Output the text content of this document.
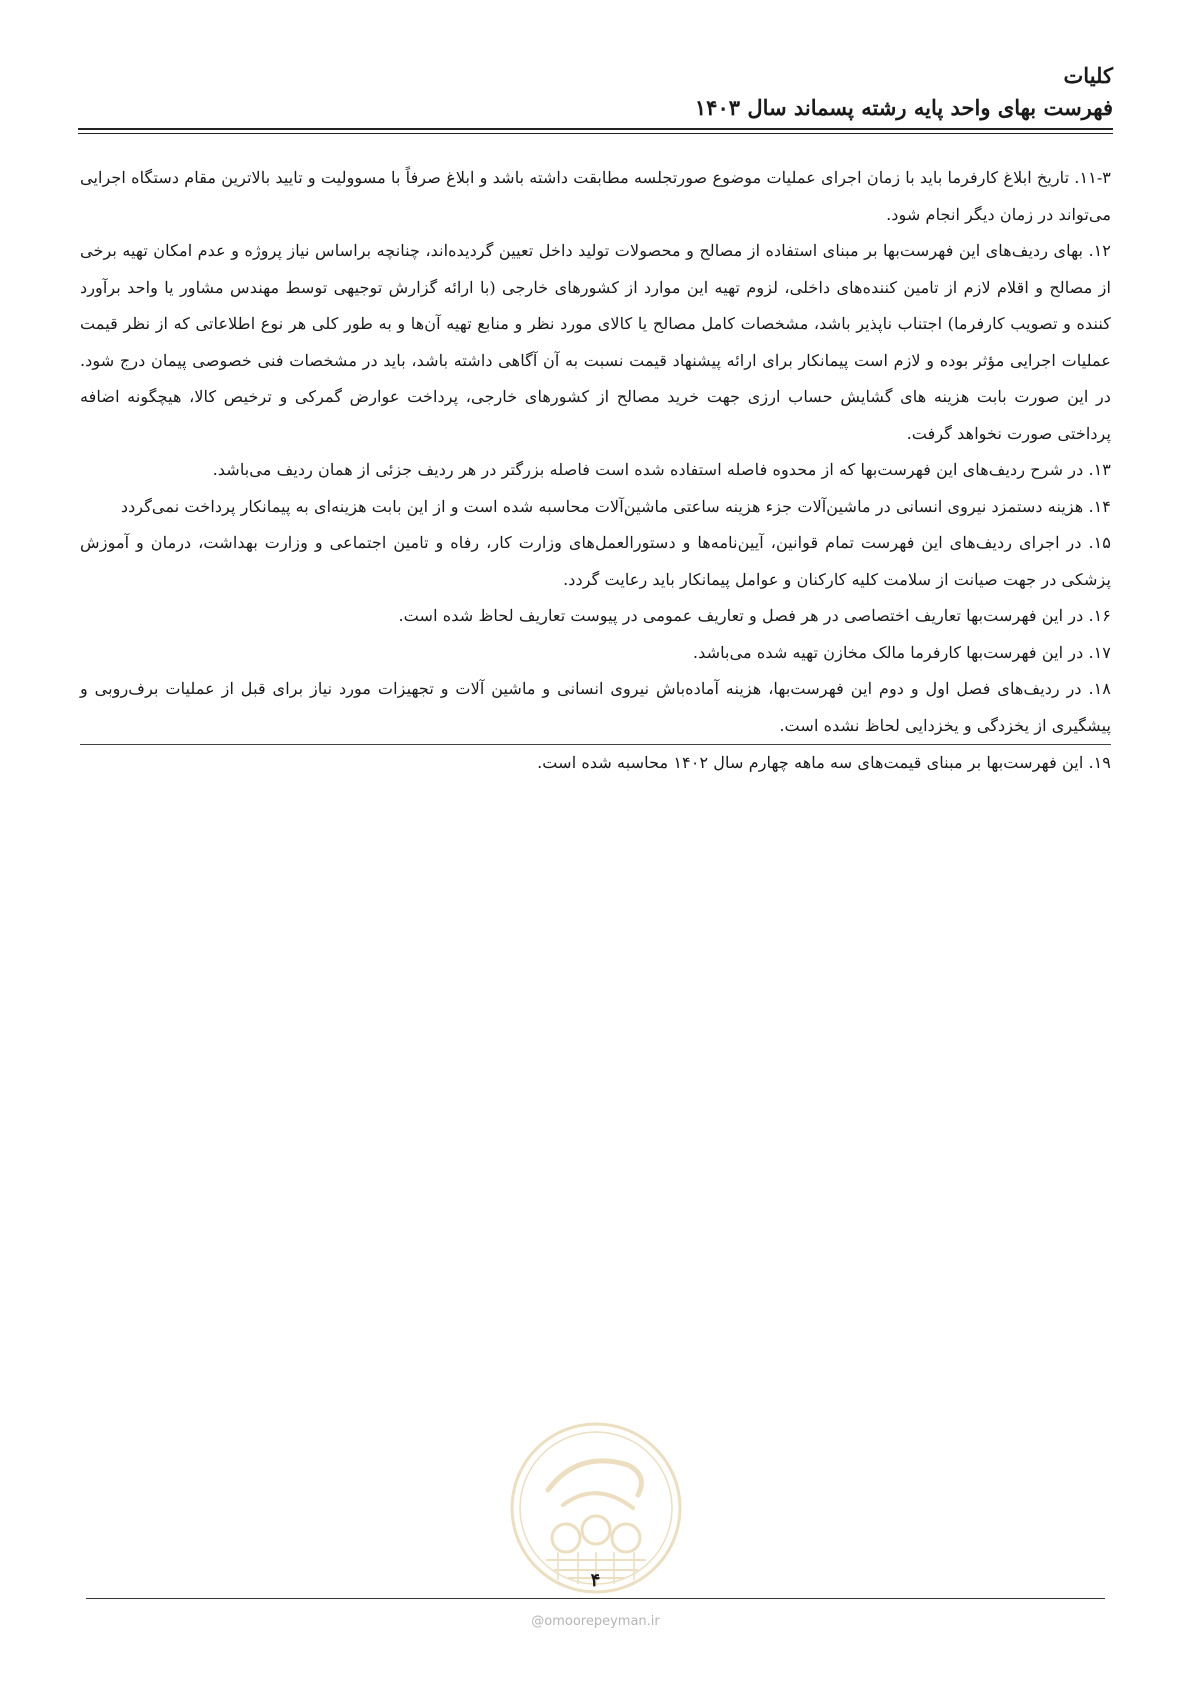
کلیات
فهرست بهای واحد پایه رشته پسماند سال ۱۴۰۳

۱۱-۳. تاریخ ابلاغ کارفرما باید با زمان اجرای عملیات موضوع صورتجلسه مطابقت داشته باشد و ابلاغ صرفاً با مسوولیت و تایید بالاترین مقام دستگاه اجرایی می‌تواند در زمان دیگر انجام شود.

۱۲. بهای ردیف‌های این فهرست‌بها بر مبنای استفاده از مصالح و محصولات تولید داخل تعیین گردیده‌اند، چنانچه براساس نیاز پروژه و عدم امکان تهیه برخی از مصالح و اقلام لازم از تامین کننده‌های داخلی، لزوم تهیه این موارد از کشورهای خارجی (با ارائه گزارش توجیهی توسط مهندس مشاور یا واحد برآورد کننده و تصویب کارفرما) اجتناب ناپذیر باشد، مشخصات کامل مصالح یا کالای مورد نظر و منابع تهیه آن‌ها و به طور کلی هر نوع اطلاعاتی که از نظر قیمت عملیات اجرایی مؤثر بوده و لازم است پیمانکار برای ارائه پیشنهاد قیمت نسبت به آن آگاهی داشته باشد، باید در مشخصات فنی خصوصی پیمان درج شود. در این صورت بابت هزینه های گشایش حساب ارزی جهت خرید مصالح از کشورهای خارجی، پرداخت عوارض گمرکی و ترخیص کالا، هیچگونه اضافه پرداختی صورت نخواهد گرفت.

۱۳. در شرح ردیف‌های این فهرست‌بها که از محدوه فاصله استفاده شده است فاصله بزرگتر در هر ردیف جزئی از همان ردیف می‌باشد.

۱۴. هزینه دستمزد نیروی انسانی در ماشین‌آلات جزء هزینه ساعتی ماشین‌آلات محاسبه شده است و از این بابت هزینه‌ای به پیمانکار پرداخت نمی‌گردد

۱۵. در اجرای ردیف‌های این فهرست تمام قوانین، آیین‌نامه‌ها و دستورالعمل‌های وزارت کار، رفاه و تامین اجتماعی و وزارت بهداشت، درمان و آموزش پزشکی در جهت صیانت از سلامت کلیه کارکنان و عوامل پیمانکار باید رعایت گردد.

۱۶. در این فهرست‌بها تعاریف اختصاصی در هر فصل و تعاریف عمومی در پیوست تعاریف لحاظ شده است.

۱۷. در این فهرست‌بها کارفرما مالک مخازن تهیه شده می‌باشد.

۱۸. در ردیف‌های فصل اول و دوم این فهرست‌بها، هزینه آماده‌باش نیروی انسانی و ماشین آلات و تجهیزات مورد نیاز برای قبل از عملیات برف‌روبی و پیشگیری از یخزدگی و یخزدایی لحاظ نشده است.

۱۹. این فهرست‌بها بر مبنای قیمت‌های سه ماهه چهارم سال ۱۴۰۲ محاسبه شده است.

۴
@omoorepeyman.ir
